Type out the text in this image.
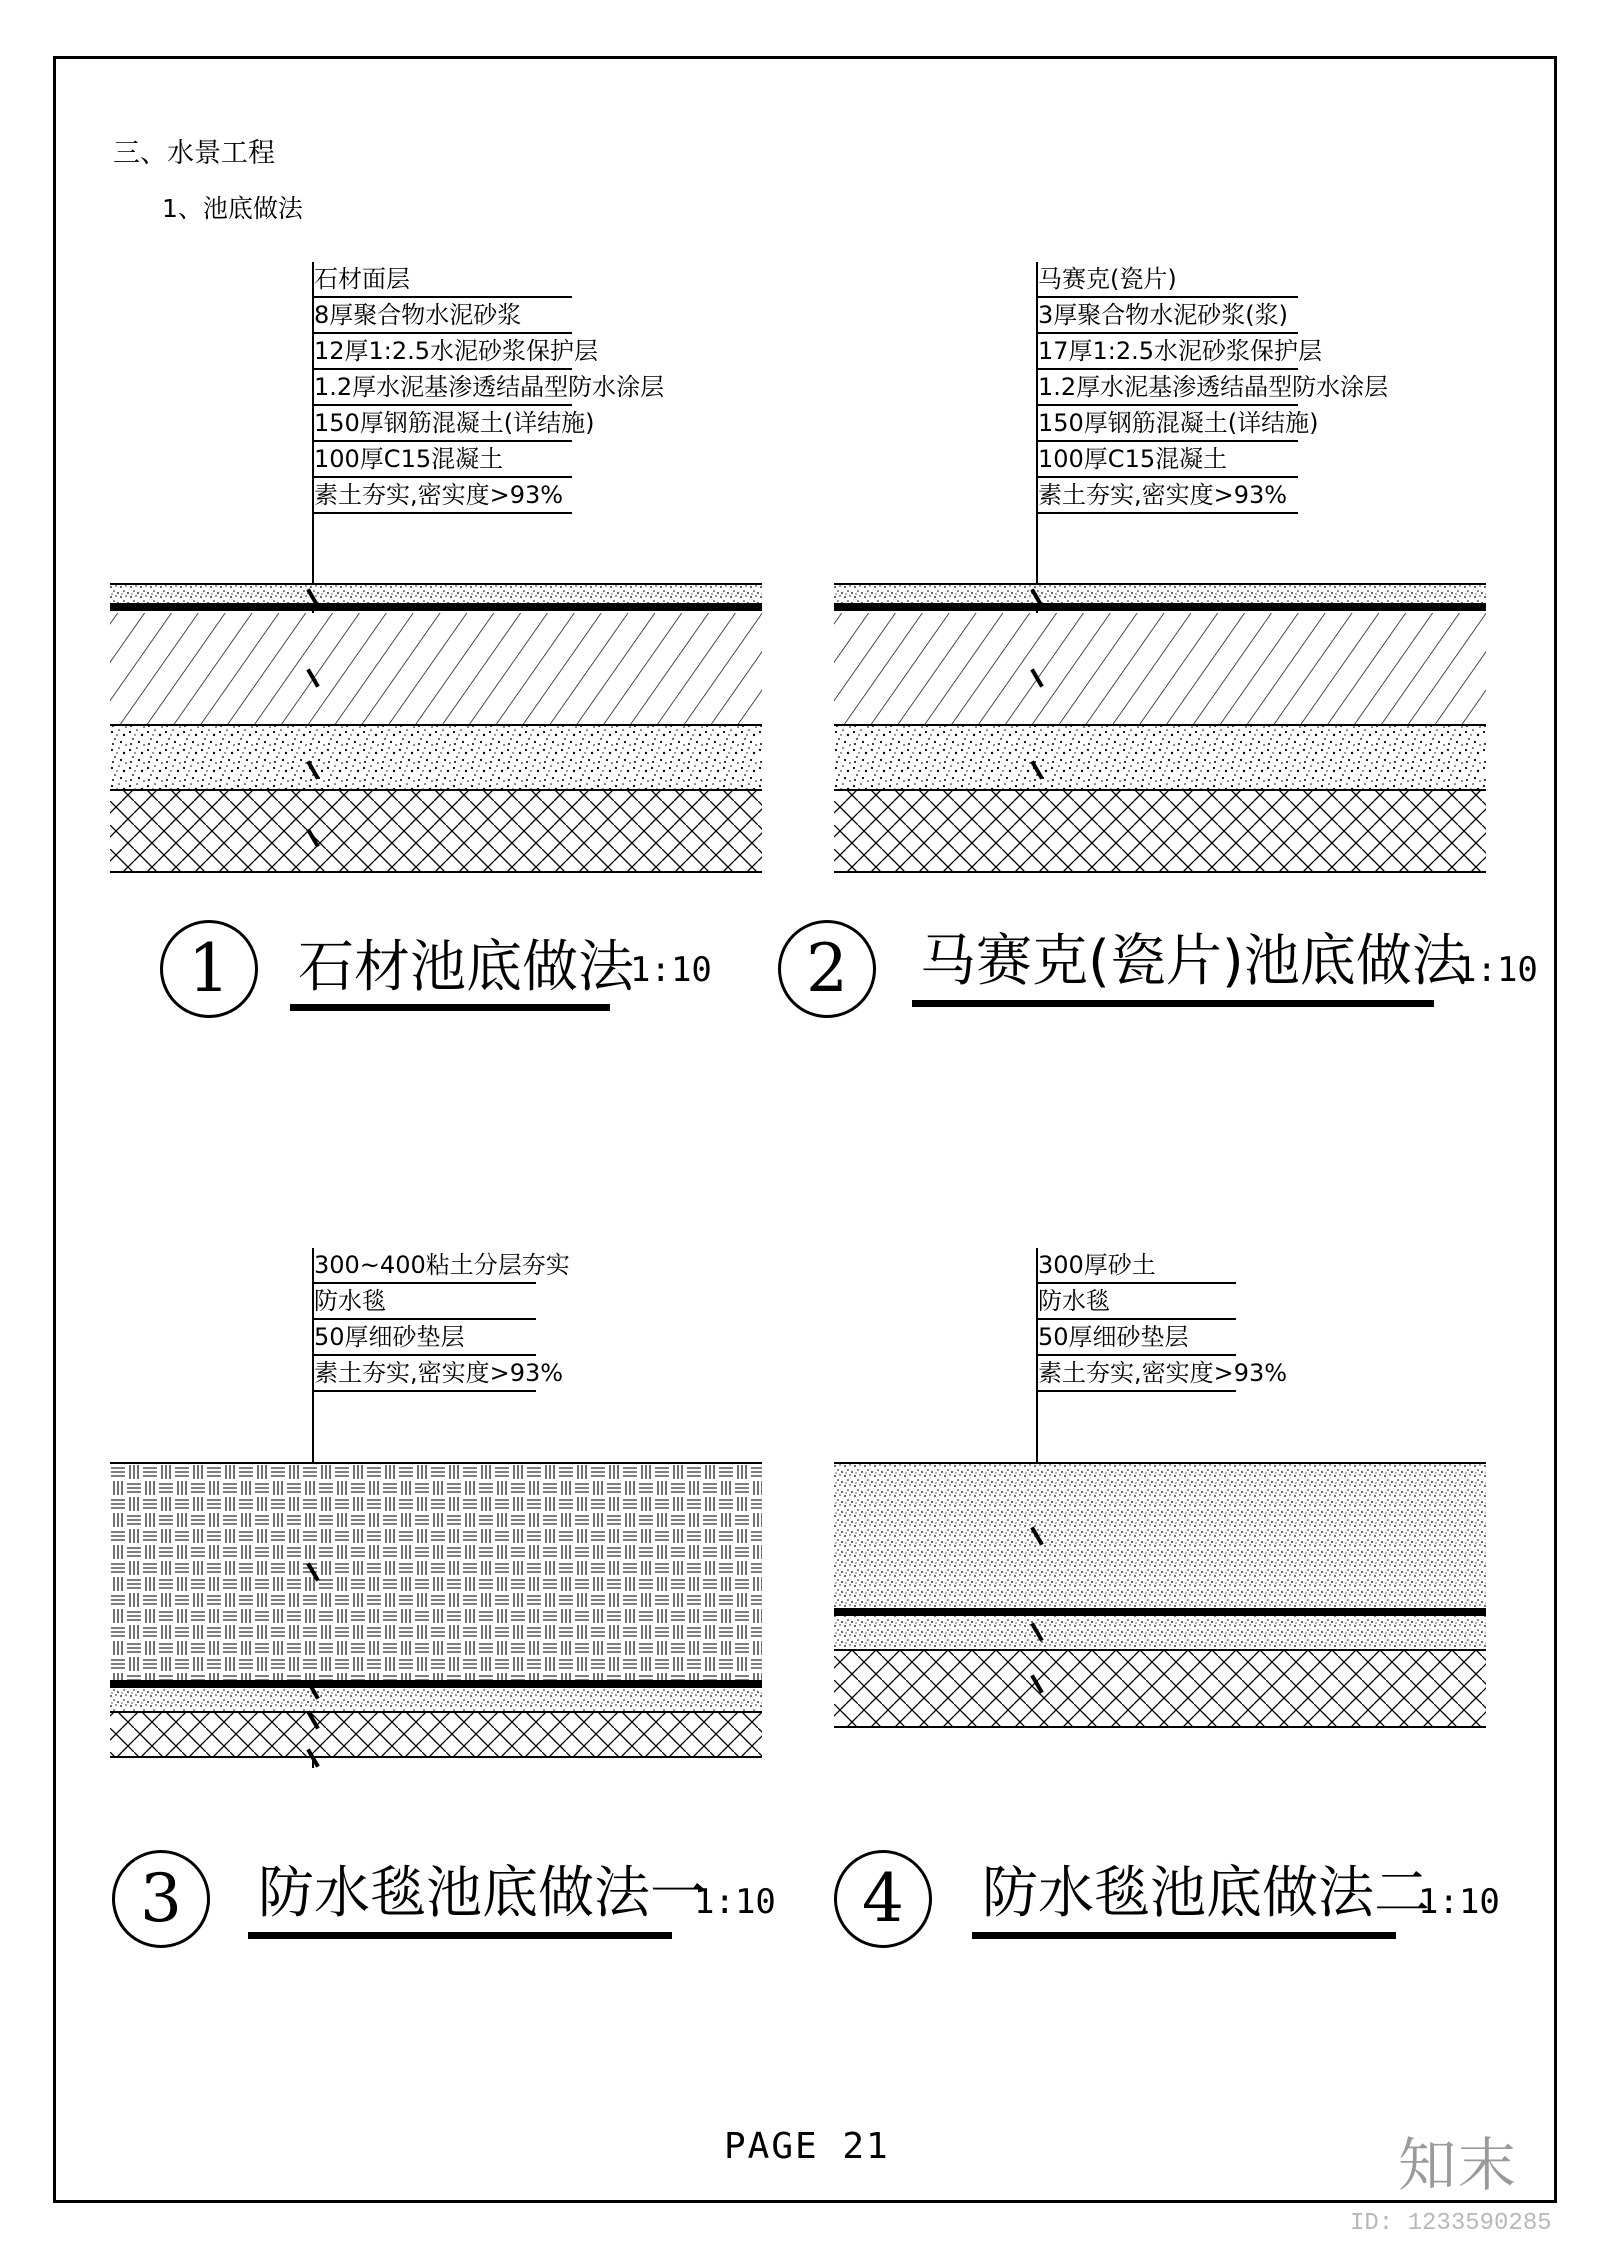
三、水景工程
1、池底做法
石材面层
8厚聚合物水泥砂浆
12厚1:2.5水泥砂浆保护层
1.2厚水泥基渗透结晶型防水涂层
150厚钢筋混凝土(详结施)
100厚C15混凝土
素土夯实,密实度>93%
1	石材池底做法
1:10
马赛克(瓷片)
3厚聚合物水泥砂浆(浆)
17厚1:2.5水泥砂浆保护层
1.2厚水泥基渗透结晶型防水涂层
150厚钢筋混凝土(详结施)
100厚C15混凝土
素土夯实,密实度>93%
2	马赛克(瓷片)池底做法
1:10
300~400粘土分层夯实
防水毯
50厚细砂垫层
素土夯实,密实度>93%
3	防水毯池底做法一
1:10
300厚砂土
防水毯
50厚细砂垫层
素土夯实,密实度>93%
4	防水毯池底做法二
1:10
PAGE 21	知末
ID: 1233590285
